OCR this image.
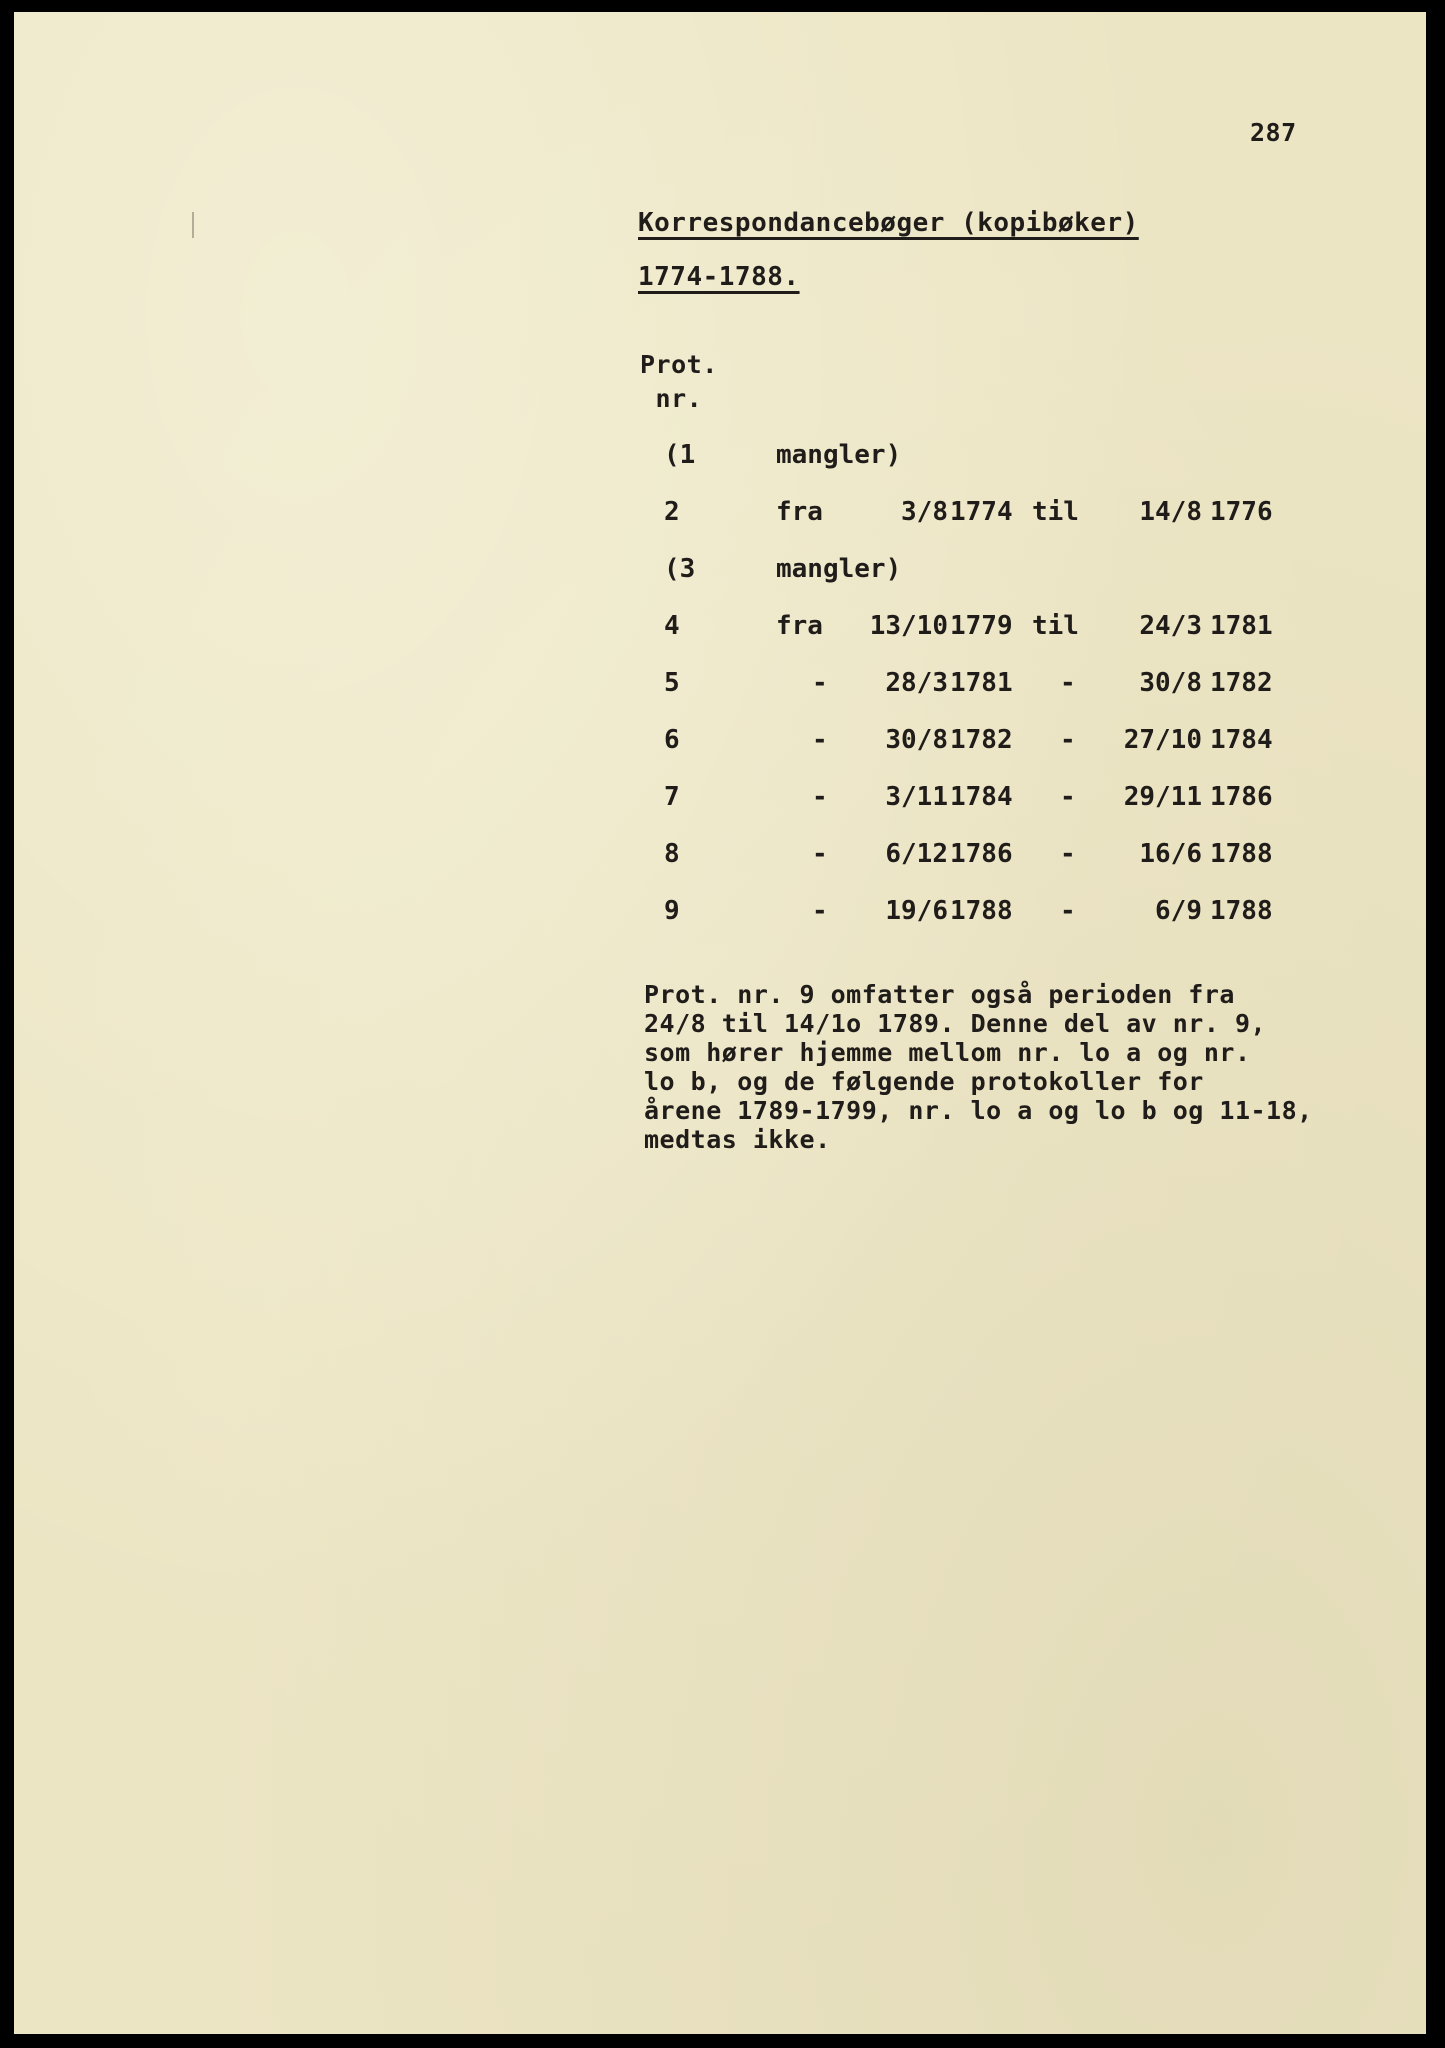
287
Korrespondancebøger (kopibøker)
1774-1788.
Prot.
nr.
(1	mangler)
2	fra	3/8 1774 til	14/8 1776
(3	mangler)
4	fra	13/10 1779 til	24/3 1781
5	-	28/3 1781 -	30/8 1782
6	-	30/8 1782 -	27/10 1784
7	-	3/11 1784 -	29/11 1786
8	-	6/12 1786 -	16/6 1788
9	-	19/6 1788 -	6/9 1788
Prot. nr. 9 omfatter også perioden fra
24/8 til 14/1o 1789. Denne del av nr. 9,
som hører hjemme mellom nr. lo a og nr.
lo b, og de følgende protokoller for
årene 1789-1799, nr. lo a og lo b og 11-18,
medtas ikke.
